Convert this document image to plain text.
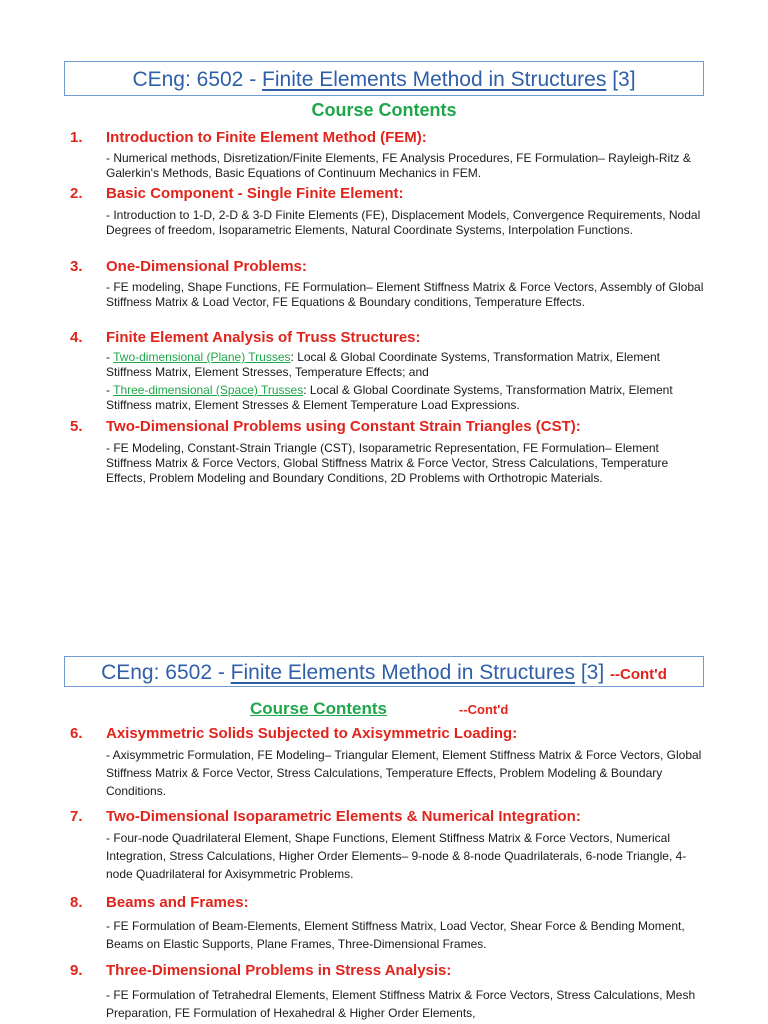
CEng: 6502 - Finite Elements Method in Structures [3]
Course Contents
1. Introduction to Finite Element Method (FEM):
- Numerical methods, Disretization/Finite Elements, FE Analysis Procedures, FE Formulation– Rayleigh-Ritz & Galerkin's Methods, Basic Equations of Continuum Mechanics in FEM.
2. Basic Component - Single Finite Element:
- Introduction to 1-D, 2-D & 3-D Finite Elements (FE), Displacement Models, Convergence Requirements, Nodal Degrees of freedom, Isoparametric Elements, Natural Coordinate Systems, Interpolation Functions.
3. One-Dimensional Problems:
- FE modeling, Shape Functions, FE Formulation– Element Stiffness Matrix & Force Vectors, Assembly of Global Stiffness Matrix & Load Vector, FE Equations & Boundary conditions, Temperature Effects.
4. Finite Element Analysis of Truss Structures:

- Two-dimensional (Plane) Trusses: Local & Global Coordinate Systems, Transformation Matrix, Element Stiffness Matrix, Element Stresses, Temperature Effects; and

- Three-dimensional (Space) Trusses: Local & Global Coordinate Systems, Transformation Matrix, Element Stiffness matrix, Element Stresses & Element Temperature Load Expressions.

5. Two-Dimensional Problems using Constant Strain Triangles (CST):
- FE Modeling, Constant-Strain Triangle (CST), Isoparametric Representation, FE Formulation– Element Stiffness Matrix & Force Vectors, Global Stiffness Matrix & Force Vector, Stress Calculations, Temperature Effects, Problem Modeling and Boundary Conditions, 2D Problems with Orthotropic Materials.
CEng: 6502 - Finite Elements Method in Structures [3] --Cont'd
Course Contents	--Cont'd
6. Axisymmetric Solids Subjected to Axisymmetric Loading:
- Axisymmetric Formulation, FE Modeling– Triangular Element, Element Stiffness Matrix & Force Vectors, Global Stiffness Matrix & Force Vector, Stress Calculations, Temperature Effects, Problem Modeling & Boundary Conditions.
7. Two-Dimensional Isoparametric Elements & Numerical Integration:
- Four-node Quadrilateral Element, Shape Functions, Element Stiffness Matrix & Force Vectors, Numerical Integration, Stress Calculations, Higher Order Elements– 9-node & 8-node Quadrilaterals, 6-node Triangle, 4-node Quadrilateral for Axisymmetric Problems.
8. Beams and Frames:
- FE Formulation of Beam-Elements, Element Stiffness Matrix, Load Vector, Shear Force & Bending Moment, Beams on Elastic Supports, Plane Frames, Three-Dimensional Frames.
9. Three-Dimensional Problems in Stress Analysis:
- FE Formulation of Tetrahedral Elements, Element Stiffness Matrix & Force Vectors, Stress Calculations, Mesh Preparation, FE Formulation of Hexahedral & Higher Order Elements,
